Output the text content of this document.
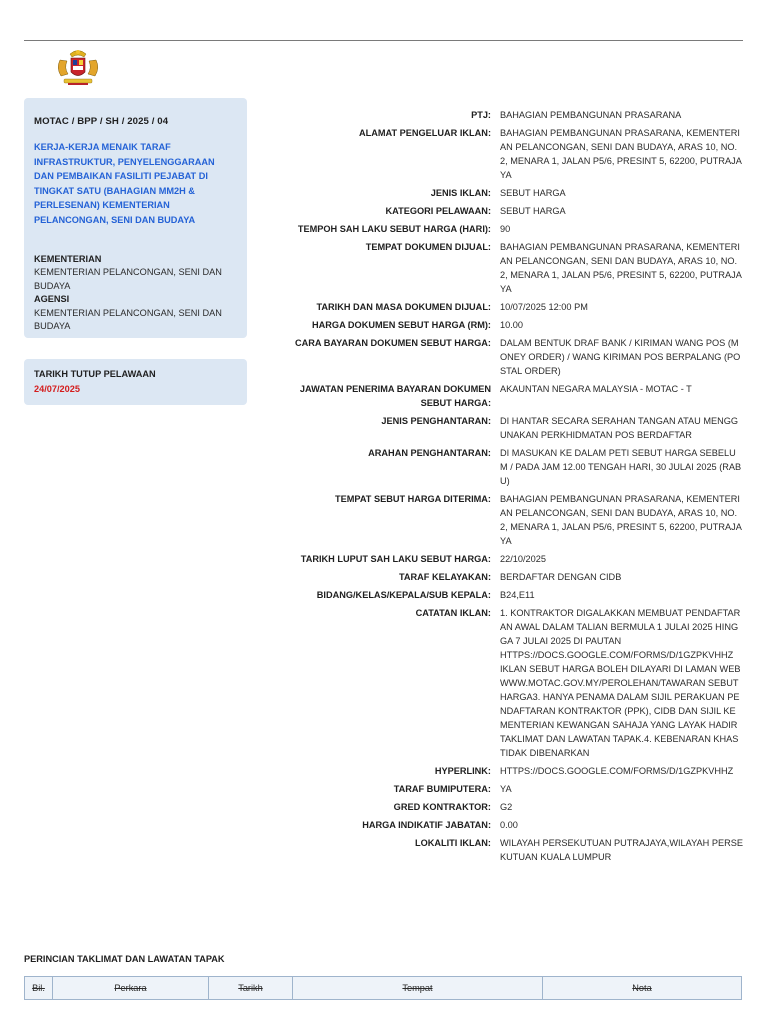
MOTAC / BPP / SH / 2025 / 04
KERJA-KERJA MENAIK TARAF INFRASTRUKTUR, PENYELENGGARAAN DAN PEMBAIKAN FASILITI PEJABAT DI TINGKAT SATU (BAHAGIAN MM2H & PERLESENAN) KEMENTERIAN PELANCONGAN, SENI DAN BUDAYA
KEMENTERIAN
KEMENTERIAN PELANCONGAN, SENI DAN BUDAYA
AGENSI
KEMENTERIAN PELANCONGAN, SENI DAN BUDAYA
TARIKH TUTUP PELAWAAN
24/07/2025
PTJ: BAHAGIAN PEMBANGUNAN PRASARANA
ALAMAT PENGELUAR IKLAN: BAHAGIAN PEMBANGUNAN PRASARANA, KEMENTERIAN PELANCONGAN, SENI DAN BUDAYA, ARAS 10, NO.2, MENARA 1, JALAN P5/6, PRESINT 5, 62200, PUTRAJAYA
JENIS IKLAN: SEBUT HARGA
KATEGORI PELAWAAN: SEBUT HARGA
TEMPOH SAH LAKU SEBUT HARGA (HARI): 90
TEMPAT DOKUMEN DIJUAL: BAHAGIAN PEMBANGUNAN PRASARANA, KEMENTERIAN PELANCONGAN, SENI DAN BUDAYA, ARAS 10, NO.2, MENARA 1, JALAN P5/6, PRESINT 5, 62200, PUTRAJAYA
TARIKH DAN MASA DOKUMEN DIJUAL: 10/07/2025 12:00 PM
HARGA DOKUMEN SEBUT HARGA (RM): 10.00
CARA BAYARAN DOKUMEN SEBUT HARGA: DALAM BENTUK DRAF BANK / KIRIMAN WANG POS (MONEY ORDER) / WANG KIRIMAN POS BERPALANG (POSTAL ORDER)
JAWATAN PENERIMA BAYARAN DOKUMEN SEBUT HARGA:
AKAUNTAN NEGARA MALAYSIA - MOTAC - T
JENIS PENGHANTARAN: DI HANTAR SECARA SERAHAN TANGAN ATAU MENGGUNAKAN PERKHIDMATAN POS BERDAFTAR
ARAHAN PENGHANTARAN: DI MASUKAN KE DALAM PETI SEBUT HARGA SEBELUM / PADA JAM 12.00 TENGAH HARI, 30 JULAI 2025 (RABU)
TEMPAT SEBUT HARGA DITERIMA: BAHAGIAN PEMBANGUNAN PRASARANA, KEMENTERIAN PELANCONGAN, SENI DAN BUDAYA, ARAS 10, NO.2, MENARA 1, JALAN P5/6, PRESINT 5, 62200, PUTRAJAYA
TARIKH LUPUT SAH LAKU SEBUT HARGA: 22/10/2025
TARAF KELAYAKAN: BERDAFTAR DENGAN CIDB
BIDANG/KELAS/KEPALA/SUB KEPALA: B24,E11
CATATAN IKLAN: 1. KONTRAKTOR DIGALAKKAN MEMBUAT PENDAFTARAN AWAL DALAM TALIAN BERMULA 1 JULAI 2025 HINGGA 7 JULAI 2025 DI PAUTAN
HTTPS://DOCS.GOOGLE.COM/FORMS/D/1GZPKVHHZ
IKLAN SEBUT HARGA BOLEH DILAYARI DI LAMAN WEB
WWW.MOTAC.GOV.MY/PEROLEHAN/TAWARAN SEBUT HARGA3. HANYA PENAMA DALAM SIJIL PERAKUAN PENDAFTARAN KONTRAKTOR (PPK), CIDB DAN SIJIL KEMENTERIAN KEWANGAN SAHAJA YANG LAYAK HADIR TAKLIMAT DAN LAWATAN TAPAK.4. KEBENARAN KHAS TIDAK DIBENARKAN
HYPERLINK: HTTPS://DOCS.GOOGLE.COM/FORMS/D/1GZPKVHHZ
TARAF BUMIPUTERA: YA
GRED KONTRAKTOR: G2
HARGA INDIKATIF JABATAN: 0.00
LOKALITI IKLAN: WILAYAH PERSEKUTUAN PUTRAJAYA,WILAYAH PERSEKUTUAN KUALA LUMPUR
PERINCIAN TAKLIMAT DAN LAWATAN TAPAK
Bil.	Perkara	Tarikh	Tempat	Nota
